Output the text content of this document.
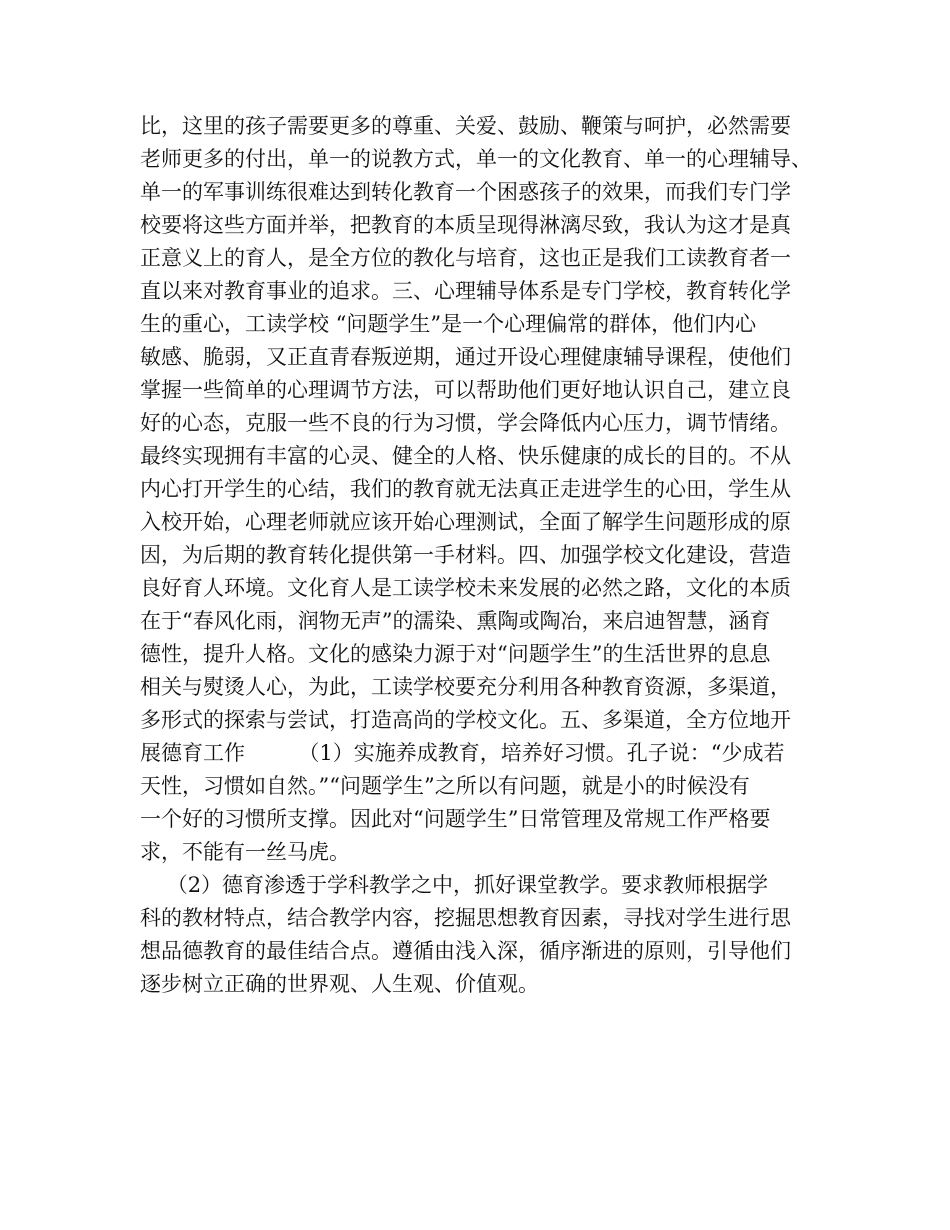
比，这里的孩子需要更多的尊重、关爱、鼓励、鞭策与呵护，必然需要
老师更多的付出，单一的说教方式，单一的文化教育、单一的心理辅导、
单一的军事训练很难达到转化教育一个困惑孩子的效果，而我们专门学
校要将这些方面并举，把教育的本质呈现得淋漓尽致，我认为这才是真
正意义上的育人，是全方位的教化与培育，这也正是我们工读教育者一
直以来对教育事业的追求。三、心理辅导体系是专门学校，教育转化学
生的重心，工读学校 “问题学生”是一个心理偏常的群体，他们内心
敏感、脆弱，又正直青春叛逆期，通过开设心理健康辅导课程，使他们
掌握一些简单的心理调节方法，可以帮助他们更好地认识自己，建立良
好的心态，克服一些不良的行为习惯，学会降低内心压力，调节情绪。
最终实现拥有丰富的心灵、健全的人格、快乐健康的成长的目的。不从
内心打开学生的心结，我们的教育就无法真正走进学生的心田，学生从
入校开始，心理老师就应该开始心理测试，全面了解学生问题形成的原
因，为后期的教育转化提供第一手材料。四、加强学校文化建设，营造
良好育人环境。文化育人是工读学校未来发展的必然之路，文化的本质
在于“春风化雨，润物无声”的濡染、熏陶或陶冶，来启迪智慧，涵育
德性，提升人格。文化的感染力源于对“问题学生”的生活世界的息息
相关与熨烫人心，为此，工读学校要充分利用各种教育资源，多渠道，
多形式的探索与尝试，打造高尚的学校文化。五、多渠道，全方位地开
展德育工作        （1）实施养成教育，培养好习惯。孔子说：“少成若
天性，习惯如自然。”“问题学生”之所以有问题，就是小的时候没有
一个好的习惯所支撑。因此对“问题学生”日常管理及常规工作严格要
求，不能有一丝马虎。
（2）德育渗透于学科教学之中，抓好课堂教学。要求教师根据学
科的教材特点，结合教学内容，挖掘思想教育因素，寻找对学生进行思
想品德教育的最佳结合点。遵循由浅入深，循序渐进的原则，引导他们
逐步树立正确的世界观、人生观、价值观。
